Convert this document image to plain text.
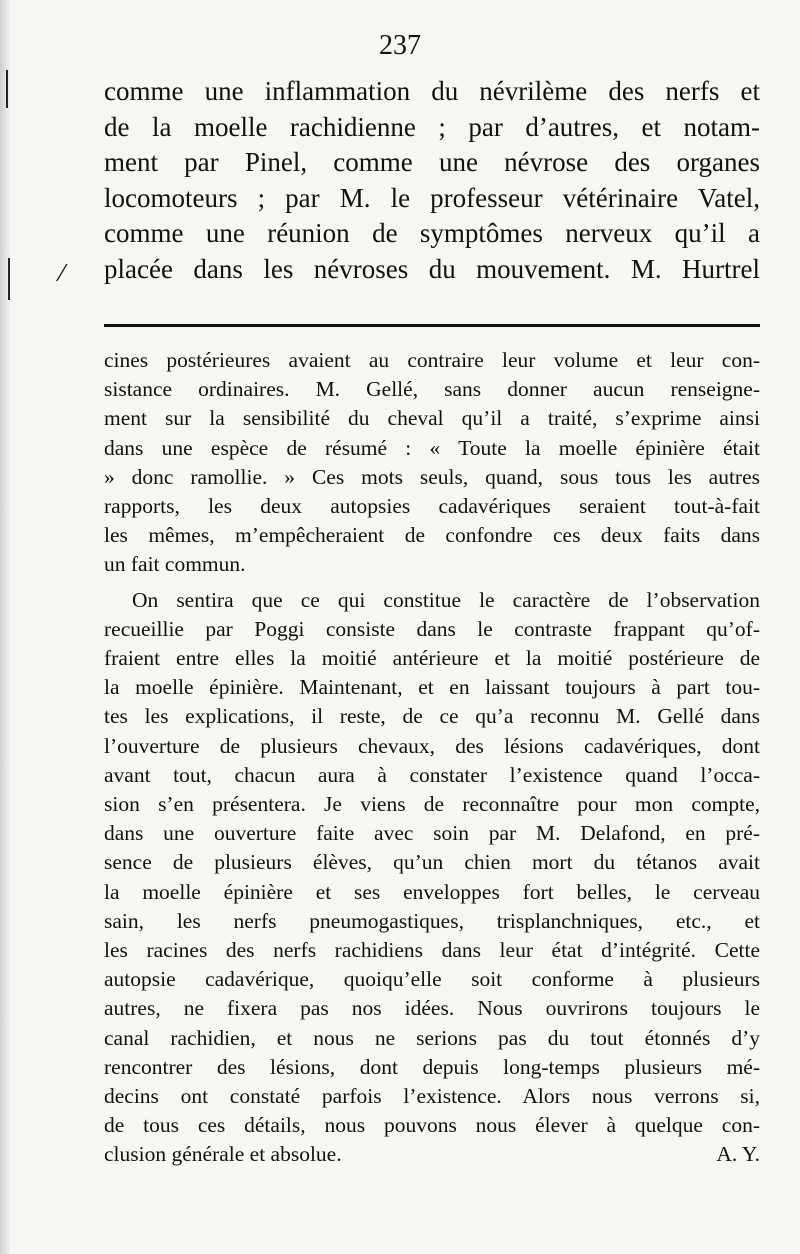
⁄
237
comme une inflammation du névrilème des nerfs et
de la moelle rachidienne ; par d’autres, et notam-
ment par Pinel, comme une névrose des organes
locomoteurs ; par M. le professeur vétérinaire Vatel,
comme une réunion de symptômes nerveux qu’il a
placée dans les névroses du mouvement. M. Hurtrel
cines postérieures avaient au contraire leur volume et leur con-
sistance ordinaires. M. Gellé, sans donner aucun renseigne-
ment sur la sensibilité du cheval qu’il a traité, s’exprime ainsi
dans une espèce de résumé : « Toute la moelle épinière était
» donc ramollie. » Ces mots seuls, quand, sous tous les autres
rapports, les deux autopsies cadavériques seraient tout-à-fait
les mêmes, m’empêcheraient de confondre ces deux faits dans
un fait commun.
On sentira que ce qui constitue le caractère de l’observation
recueillie par Poggi consiste dans le contraste frappant qu’of-
fraient entre elles la moitié antérieure et la moitié postérieure de
la moelle épinière. Maintenant, et en laissant toujours à part tou-
tes les explications, il reste, de ce qu’a reconnu M. Gellé dans
l’ouverture de plusieurs chevaux, des lésions cadavériques, dont
avant tout, chacun aura à constater l’existence quand l’occa-
sion s’en présentera. Je viens de reconnaître pour mon compte,
dans une ouverture faite avec soin par M. Delafond, en pré-
sence de plusieurs élèves, qu’un chien mort du tétanos avait
la moelle épinière et ses enveloppes fort belles, le cerveau
sain, les nerfs pneumogastiques, trisplanchniques, etc., et
les racines des nerfs rachidiens dans leur état d’intégrité. Cette
autopsie cadavérique, quoiqu’elle soit conforme à plusieurs
autres, ne fixera pas nos idées. Nous ouvrirons toujours le
canal rachidien, et nous ne serions pas du tout étonnés d’y
rencontrer des lésions, dont depuis long-temps plusieurs mé-
decins ont constaté parfois l’existence. Alors nous verrons si,
de tous ces détails, nous pouvons nous élever à quelque con-
clusion générale et absolue.	A. Y.
